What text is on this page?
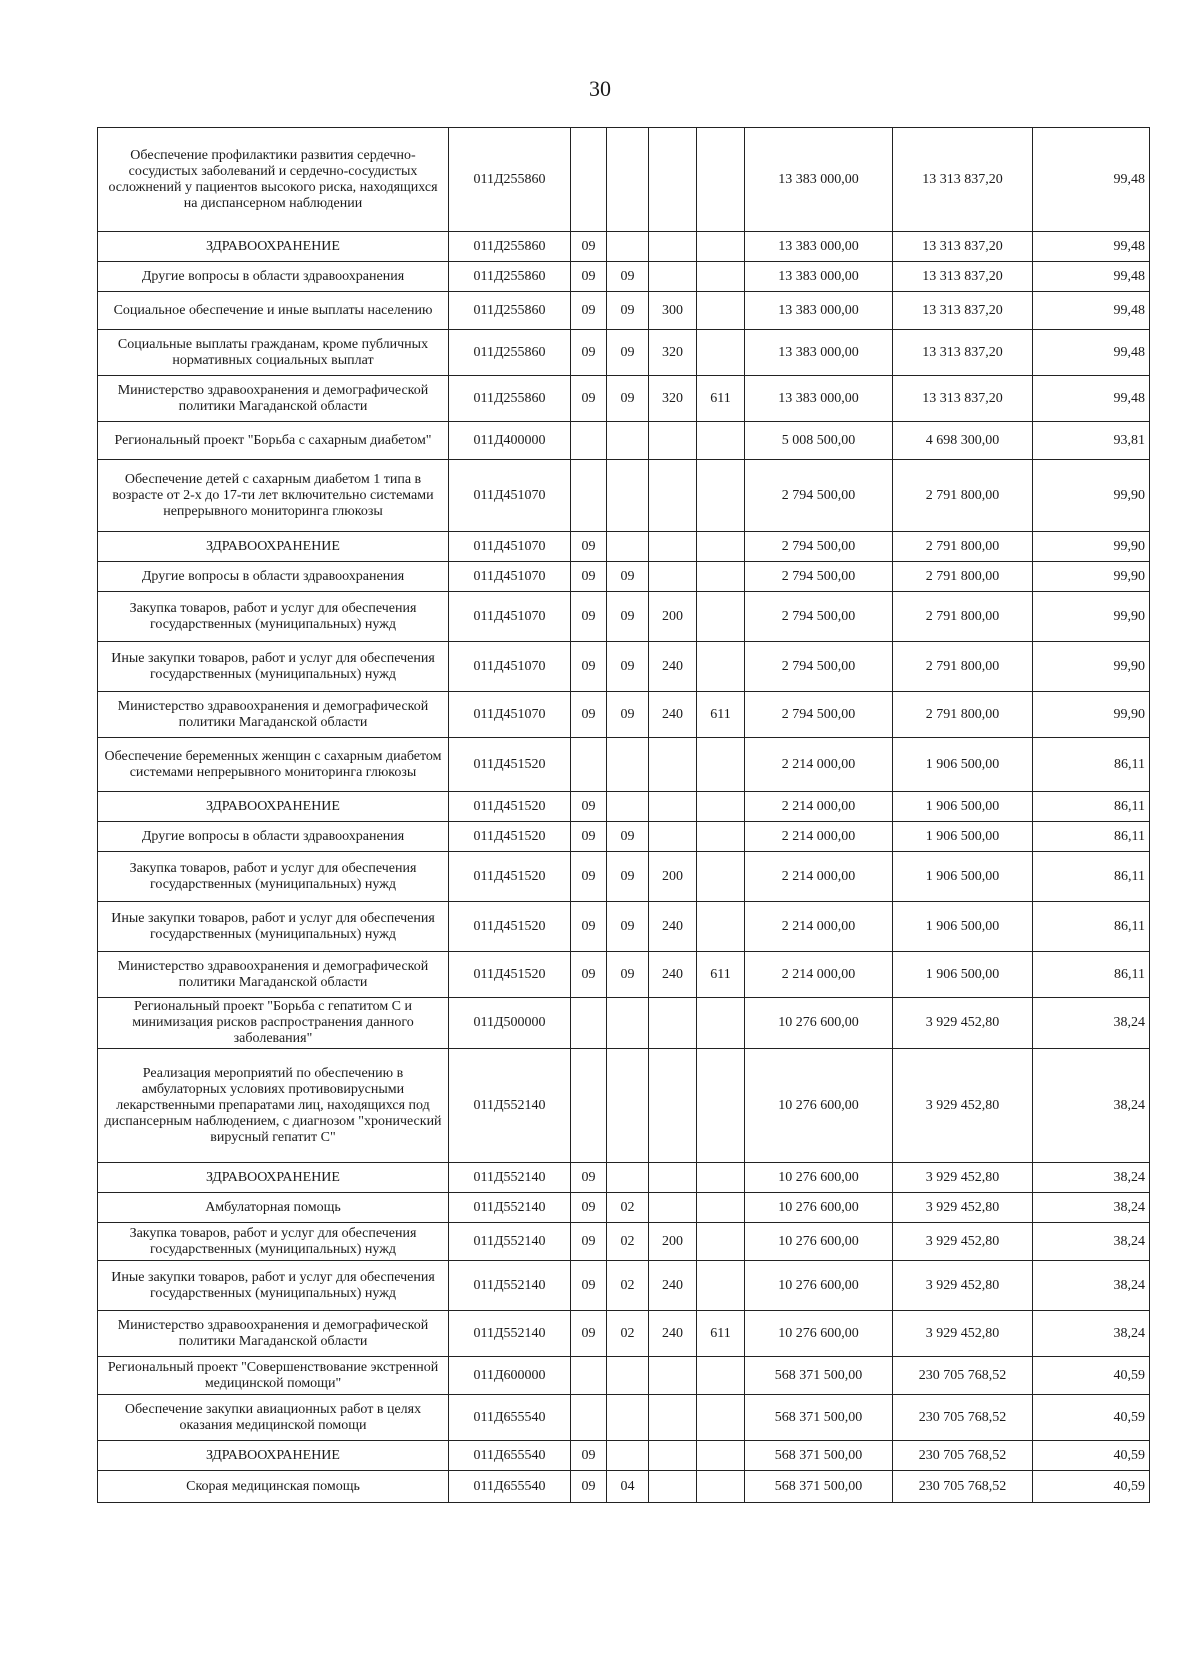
30
Обеспечение профилактики развития сердечно-сосудистых заболеваний и сердечно-сосудистых осложнений у пациентов высокого риска, находящихся на диспансерном наблюдении	011Д255860					13 383 000,00	13 313 837,20	99,48
ЗДРАВООХРАНЕНИЕ	011Д255860	09				13 383 000,00	13 313 837,20	99,48
Другие вопросы в области здравоохранения	011Д255860	09	09			13 383 000,00	13 313 837,20	99,48
Социальное обеспечение и иные выплаты населению	011Д255860	09	09	300		13 383 000,00	13 313 837,20	99,48
Социальные выплаты гражданам, кроме публичных нормативных социальных выплат	011Д255860	09	09	320		13 383 000,00	13 313 837,20	99,48
Министерство здравоохранения и демографической политики Магаданской области	011Д255860	09	09	320	611	13 383 000,00	13 313 837,20	99,48
Региональный проект "Борьба с сахарным диабетом"	011Д400000					5 008 500,00	4 698 300,00	93,81
Обеспечение детей с сахарным диабетом 1 типа в возрасте от 2-х до 17-ти лет включительно системами непрерывного мониторинга глюкозы	011Д451070					2 794 500,00	2 791 800,00	99,90
ЗДРАВООХРАНЕНИЕ	011Д451070	09				2 794 500,00	2 791 800,00	99,90
Другие вопросы в области здравоохранения	011Д451070	09	09			2 794 500,00	2 791 800,00	99,90
Закупка товаров, работ и услуг для обеспечения государственных (муниципальных) нужд	011Д451070	09	09	200		2 794 500,00	2 791 800,00	99,90
Иные закупки товаров, работ и услуг для обеспечения государственных (муниципальных) нужд	011Д451070	09	09	240		2 794 500,00	2 791 800,00	99,90
Министерство здравоохранения и демографической политики Магаданской области	011Д451070	09	09	240	611	2 794 500,00	2 791 800,00	99,90
Обеспечение беременных женщин с сахарным диабетом системами непрерывного мониторинга глюкозы	011Д451520					2 214 000,00	1 906 500,00	86,11
ЗДРАВООХРАНЕНИЕ	011Д451520	09				2 214 000,00	1 906 500,00	86,11
Другие вопросы в области здравоохранения	011Д451520	09	09			2 214 000,00	1 906 500,00	86,11
Закупка товаров, работ и услуг для обеспечения государственных (муниципальных) нужд	011Д451520	09	09	200		2 214 000,00	1 906 500,00	86,11
Иные закупки товаров, работ и услуг для обеспечения государственных (муниципальных) нужд	011Д451520	09	09	240		2 214 000,00	1 906 500,00	86,11
Министерство здравоохранения и демографической политики Магаданской области	011Д451520	09	09	240	611	2 214 000,00	1 906 500,00	86,11
Региональный проект "Борьба с гепатитом С и минимизация рисков распространения данного заболевания"	011Д500000					10 276 600,00	3 929 452,80	38,24
Реализация мероприятий по обеспечению в амбулаторных условиях противовирусными лекарственными препаратами лиц, находящихся под диспансерным наблюдением, с диагнозом "хронический вирусный гепатит С"	011Д552140					10 276 600,00	3 929 452,80	38,24
ЗДРАВООХРАНЕНИЕ	011Д552140	09				10 276 600,00	3 929 452,80	38,24
Амбулаторная помощь	011Д552140	09	02			10 276 600,00	3 929 452,80	38,24
Закупка товаров, работ и услуг для обеспечения государственных (муниципальных) нужд	011Д552140	09	02	200		10 276 600,00	3 929 452,80	38,24
Иные закупки товаров, работ и услуг для обеспечения государственных (муниципальных) нужд	011Д552140	09	02	240		10 276 600,00	3 929 452,80	38,24
Министерство здравоохранения и демографической политики Магаданской области	011Д552140	09	02	240	611	10 276 600,00	3 929 452,80	38,24
Региональный проект "Совершенствование экстренной медицинской помощи"	011Д600000					568 371 500,00	230 705 768,52	40,59
Обеспечение закупки авиационных работ в целях оказания медицинской помощи	011Д655540					568 371 500,00	230 705 768,52	40,59
ЗДРАВООХРАНЕНИЕ	011Д655540	09				568 371 500,00	230 705 768,52	40,59
Скорая медицинская помощь	011Д655540	09	04			568 371 500,00	230 705 768,52	40,59
